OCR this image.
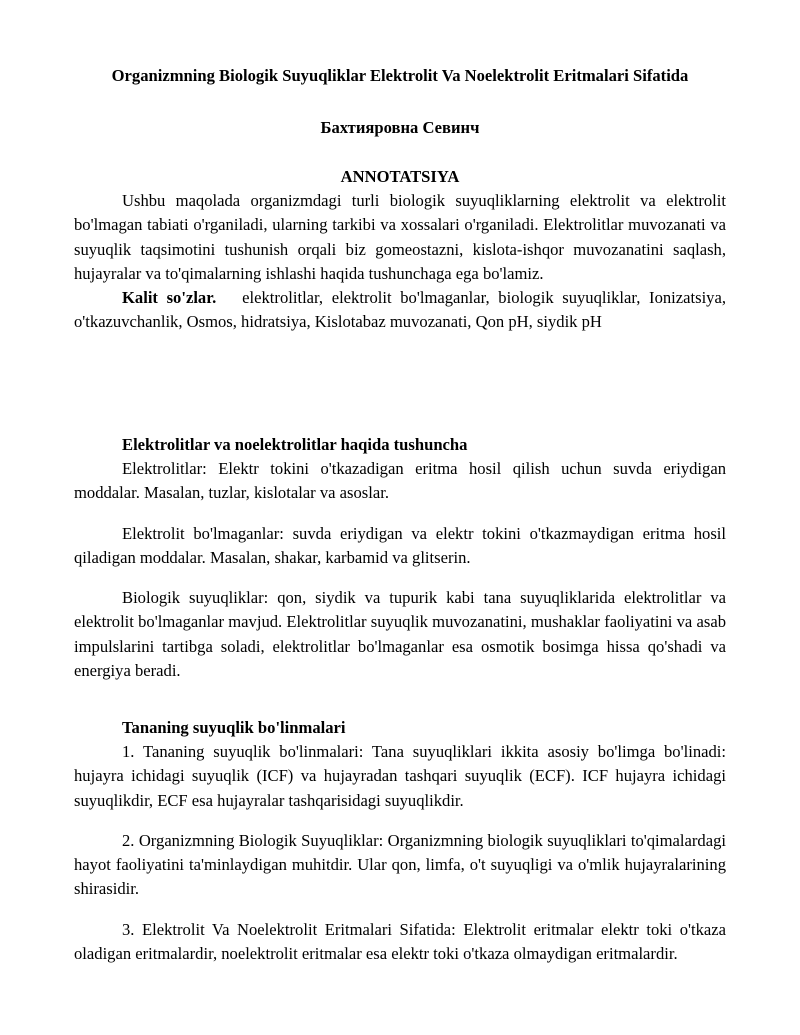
Organizmning Biologik Suyuqliklar Elektrolit Va Noelektrolit Eritmalari Sifatida
Бахтияровна Севинч
ANNOTATSIYA

Ushbu maqolada organizmdagi turli biologik suyuqliklarning elektrolit va elektrolit bo'lmagan tabiati o'rganiladi, ularning tarkibi va xossalari o'rganiladi. Elektrolitlar muvozanati va suyuqlik taqsimotini tushunish orqali biz gomeostazni, kislota-ishqor muvozanatini saqlash, hujayralar va to'qimalarning ishlashi haqida tushunchaga ega bo'lamiz.

Kalit so'zlar. elektrolitlar, elektrolit bo'lmaganlar, biologik suyuqliklar, Ionizatsiya, o'tkazuvchanlik, Osmos, hidratsiya, Kislotabaz muvozanati, Qon pH, siydik pH

Elektrolitlar va noelektrolitlar haqida tushuncha

Elektrolitlar: Elektr tokini o'tkazadigan eritma hosil qilish uchun suvda eriydigan moddalar. Masalan, tuzlar, kislotalar va asoslar.

Elektrolit bo'lmaganlar: suvda eriydigan va elektr tokini o'tkazmaydigan eritma hosil qiladigan moddalar. Masalan, shakar, karbamid va glitserin.

Biologik suyuqliklar: qon, siydik va tupurik kabi tana suyuqliklarida elektrolitlar va elektrolit bo'lmaganlar mavjud. Elektrolitlar suyuqlik muvozanatini, mushaklar faoliyatini va asab impulslarini tartibga soladi, elektrolitlar bo'lmaganlar esa osmotik bosimga hissa qo'shadi va energiya beradi.

Tananing suyuqlik bo'linmalari

1. Tananing suyuqlik bo'linmalari: Tana suyuqliklari ikkita asosiy bo'limga bo'linadi: hujayra ichidagi suyuqlik (ICF) va hujayradan tashqari suyuqlik (ECF). ICF hujayra ichidagi suyuqlikdir, ECF esa hujayralar tashqarisidagi suyuqlikdir.

2. Organizmning Biologik Suyuqliklar: Organizmning biologik suyuqliklari to'qimalardagi hayot faoliyatini ta'minlaydigan muhitdir. Ular qon, limfa, o't suyuqligi va o'mlik hujayralarining shirasidir.

3. Elektrolit Va Noelektrolit Eritmalari Sifatida: Elektrolit eritmalar elektr toki o'tkaza oladigan eritmalardir, noelektrolit eritmalar esa elektr toki o'tkaza olmaydigan eritmalardir.
